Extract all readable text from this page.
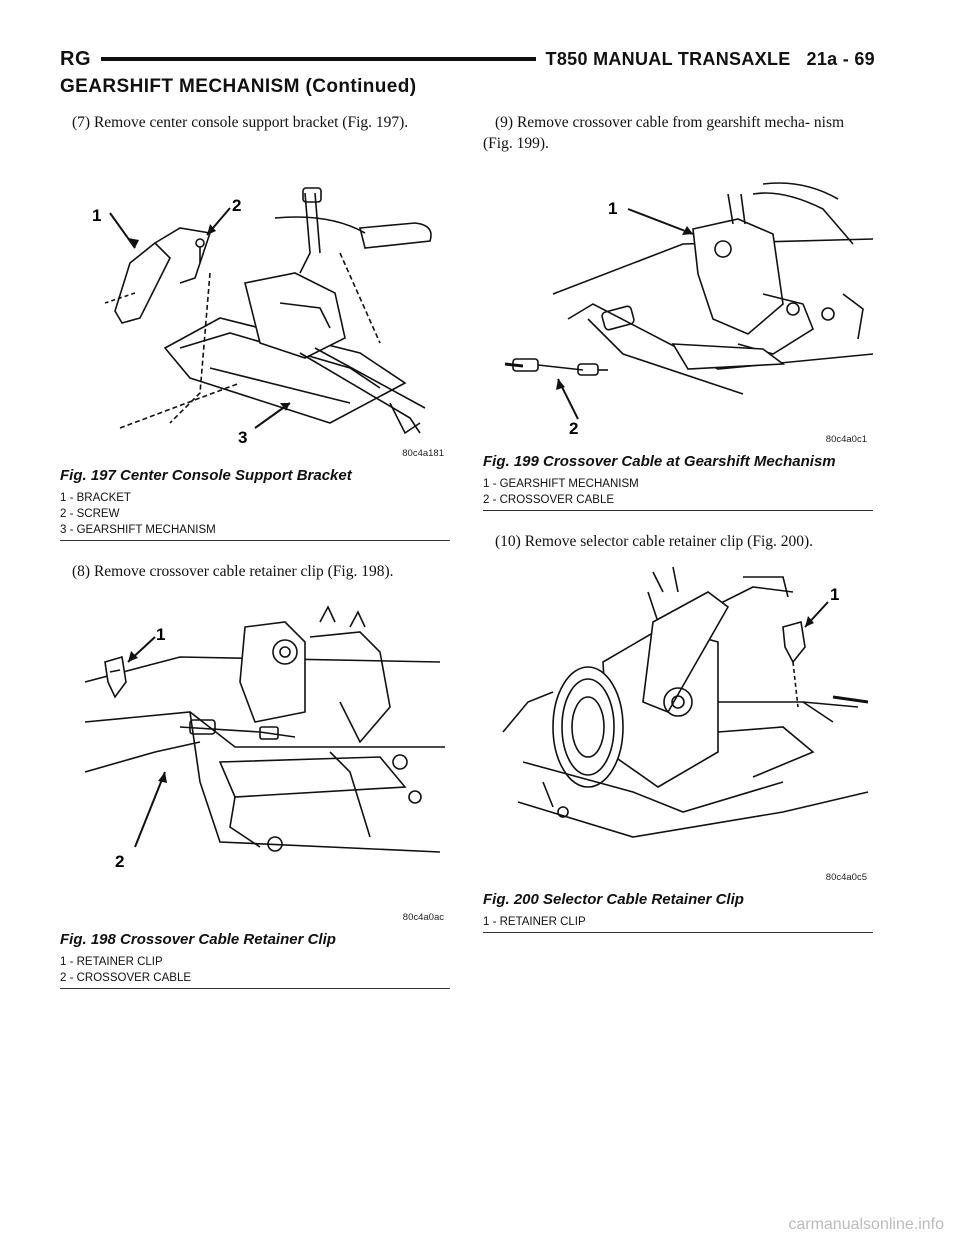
RG	T850 MANUAL TRANSAXLE 21a - 69
GEARSHIFT MECHANISM (Continued)

(7) Remove center console support bracket (Fig. 197).

1
2
3
80c4a181
Fig. 197 Center Console Support Bracket
1 - BRACKET
2 - SCREW
3 - GEARSHIFT MECHANISM

(8) Remove crossover cable retainer clip (Fig. 198).

1
2
80c4a0ac
Fig. 198 Crossover Cable Retainer Clip
1 - RETAINER CLIP
2 - CROSSOVER CABLE

(9) Remove crossover cable from gearshift mecha- nism (Fig. 199).

1
2
80c4a0c1
Fig. 199 Crossover Cable at Gearshift Mechanism
1 - GEARSHIFT MECHANISM
2 - CROSSOVER CABLE

(10) Remove selector cable retainer clip (Fig. 200).

1
80c4a0c5
Fig. 200 Selector Cable Retainer Clip
1 - RETAINER CLIP
carmanualsonline.info
